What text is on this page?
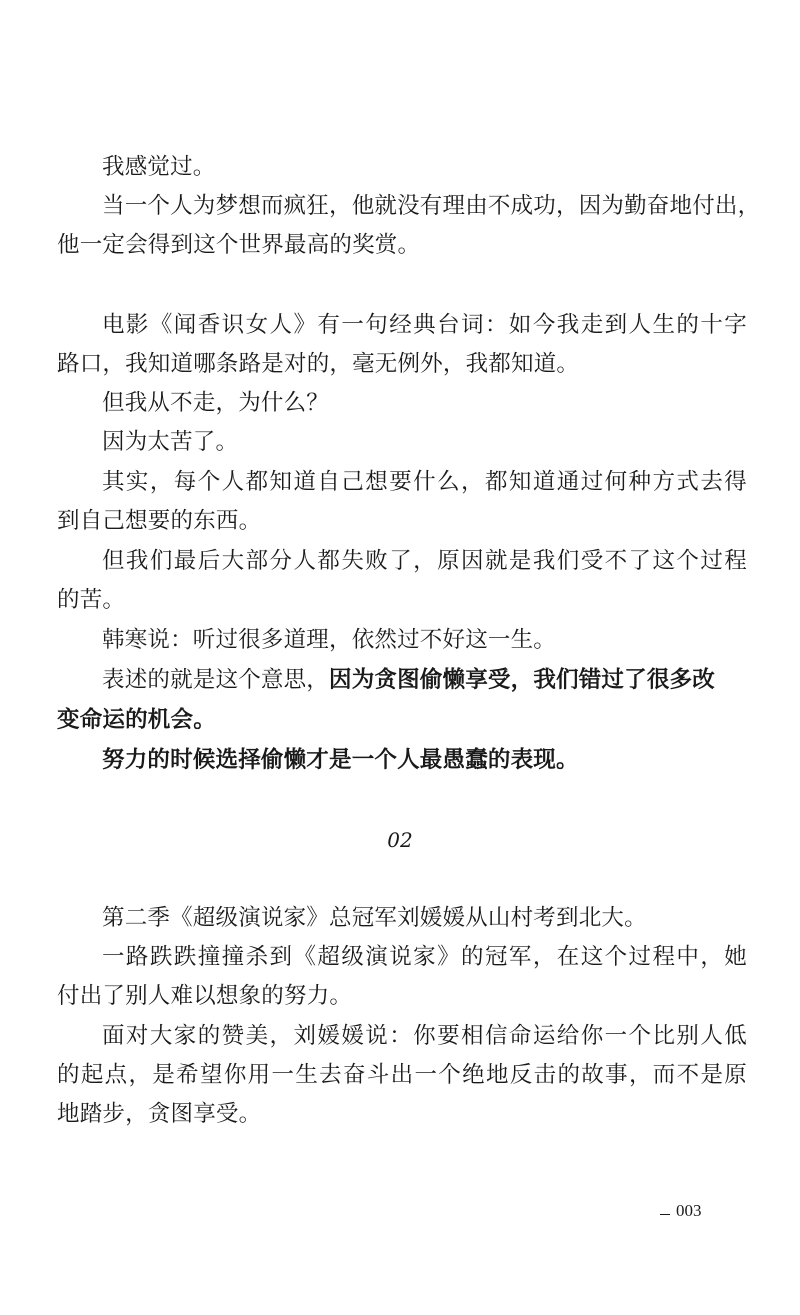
我感觉过。

当一个人为梦想而疯狂，他就没有理由不成功，因为勤奋地付出，

他一定会得到这个世界最高的奖赏。

电影《闻香识女人》有一句经典台词：如今我走到人生的十字

路口，我知道哪条路是对的，毫无例外，我都知道。

但我从不走，为什么？

因为太苦了。

其实，每个人都知道自己想要什么，都知道通过何种方式去得

到自己想要的东西。

但我们最后大部分人都失败了，原因就是我们受不了这个过程

的苦。

韩寒说：听过很多道理，依然过不好这一生。

表述的就是这个意思，因为贪图偷懒享受，我们错过了很多改

变命运的机会。

努力的时候选择偷懒才是一个人最愚蠢的表现。

02

第二季《超级演说家》总冠军刘媛媛从山村考到北大。

一路跌跌撞撞杀到《超级演说家》的冠军，在这个过程中，她

付出了别人难以想象的努力。

面对大家的赞美，刘媛媛说：你要相信命运给你一个比别人低

的起点，是希望你用一生去奋斗出一个绝地反击的故事，而不是原

地踏步，贪图享受。

003
